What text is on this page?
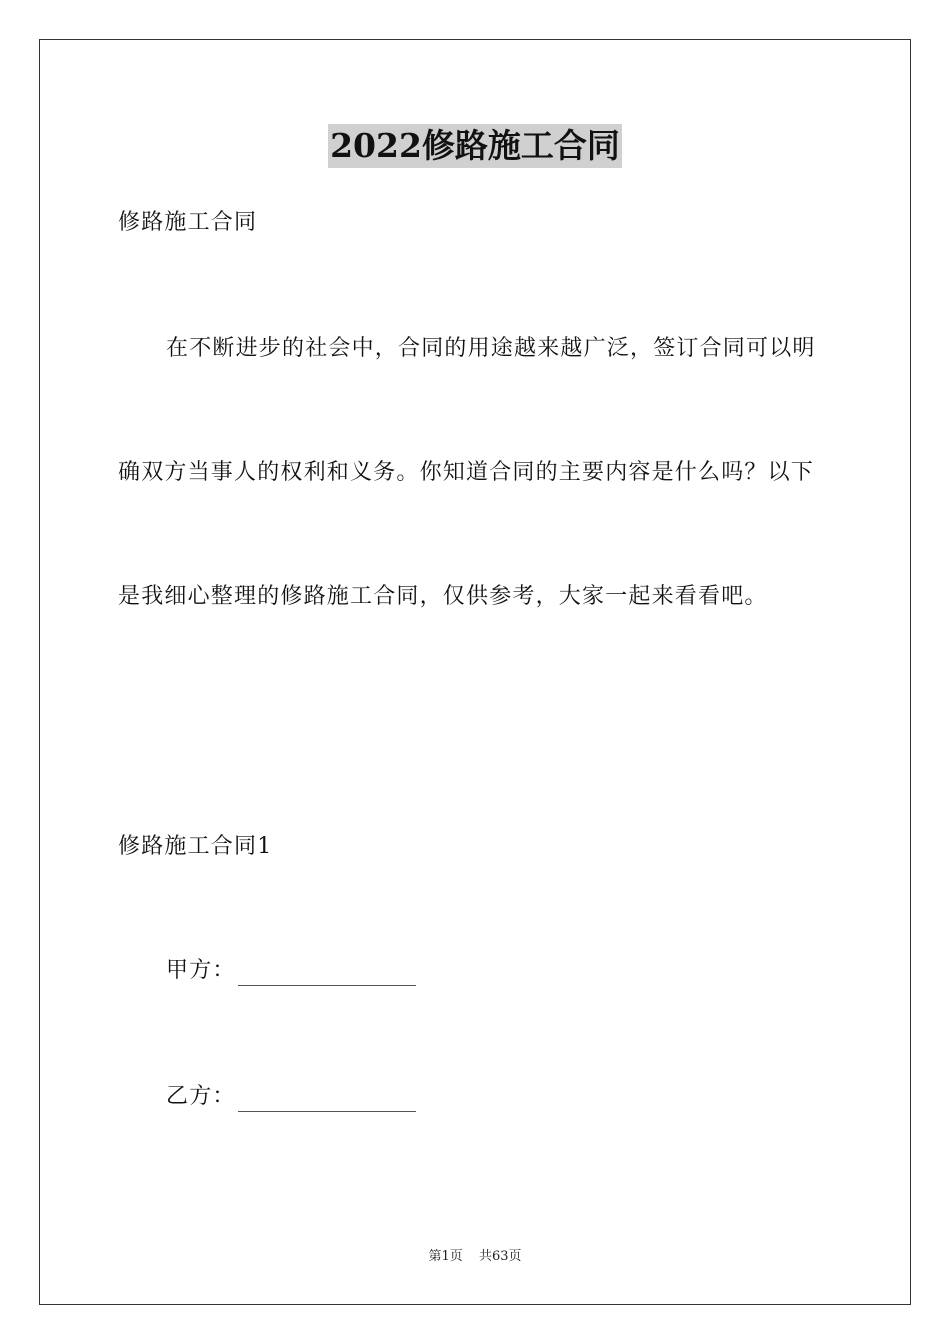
2022修路施工合同
修路施工合同
在不断进步的社会中，合同的用途越来越广泛，签订合同可以明
确双方当事人的权利和义务。你知道合同的主要内容是什么吗？以下
是我细心整理的修路施工合同，仅供参考，大家一起来看看吧。
修路施工合同1
甲方：
乙方：
第1页 共63页
